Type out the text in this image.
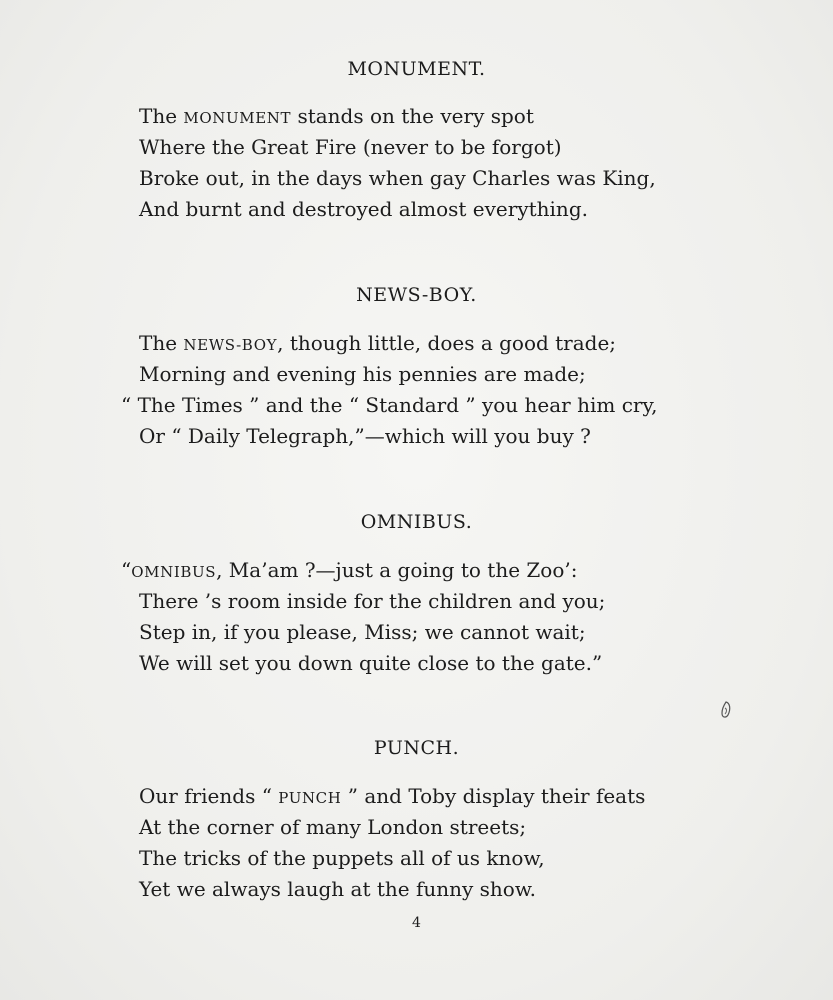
MONUMENT.
The MONUMENT stands on the very spot
Where the Great Fire (never to be forgot)
Broke out, in the days when gay Charles was King,
And burnt and destroyed almost everything.
NEWS-BOY.
The NEWS-BOY, though little, does a good trade;
Morning and evening his pennies are made;
“ The Times ” and the “ Standard ” you hear him cry,
Or “ Daily Telegraph,”—which will you buy ?
OMNIBUS.
“OMNIBUS, Ma’am ?—just a going to the Zoo’:
There ’s room inside for the children and you;
Step in, if you please, Miss; we cannot wait;
We will set you down quite close to the gate.”
PUNCH.
Our friends “ PUNCH ” and Toby display their feats
At the corner of many London streets;
The tricks of the puppets all of us know,
Yet we always laugh at the funny show.
4
